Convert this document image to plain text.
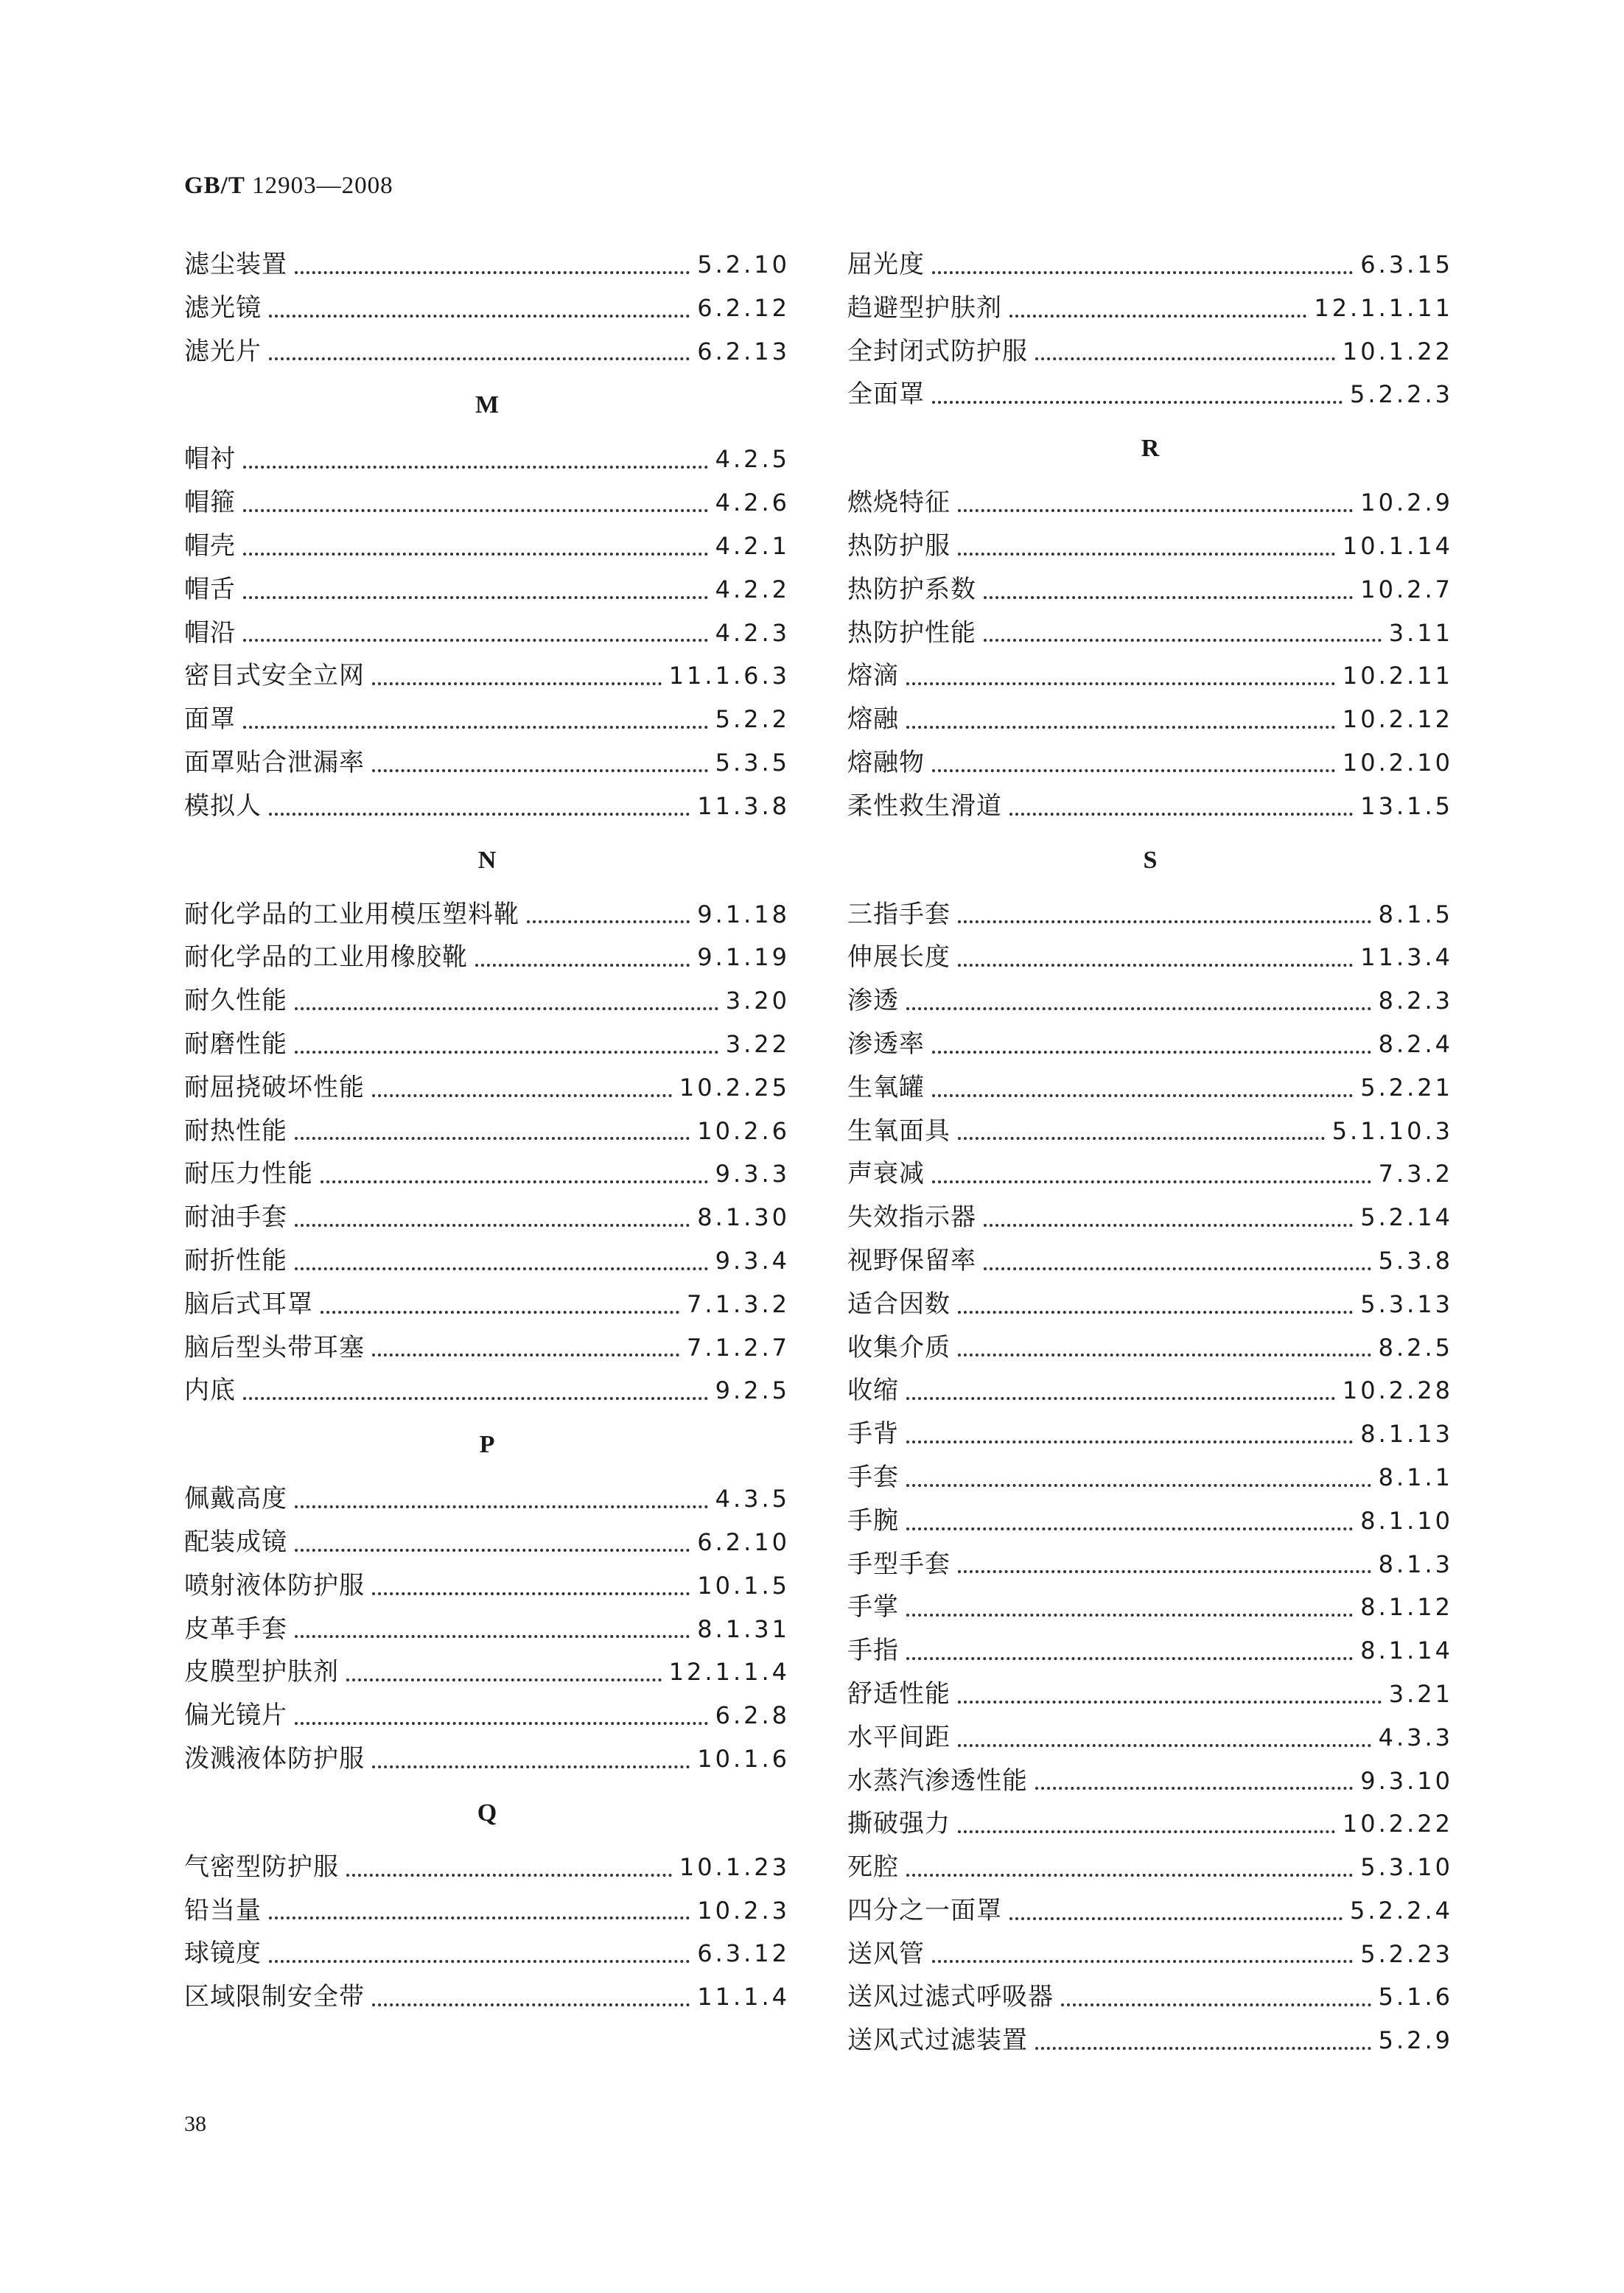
GB/T 12903—2008
滤尘装置	5.2.10
滤光镜	6.2.12
滤光片	6.2.13
M
帽衬	4.2.5
帽箍	4.2.6
帽壳	4.2.1
帽舌	4.2.2
帽沿	4.2.3
密目式安全立网	11.1.6.3
面罩	5.2.2
面罩贴合泄漏率	5.3.5
模拟人	11.3.8
N
耐化学品的工业用模压塑料靴	9.1.18
耐化学品的工业用橡胶靴	9.1.19
耐久性能	3.20
耐磨性能	3.22
耐屈挠破坏性能	10.2.25
耐热性能	10.2.6
耐压力性能	9.3.3
耐油手套	8.1.30
耐折性能	9.3.4
脑后式耳罩	7.1.3.2
脑后型头带耳塞	7.1.2.7
内底	9.2.5
P
佩戴高度	4.3.5
配装成镜	6.2.10
喷射液体防护服	10.1.5
皮革手套	8.1.31
皮膜型护肤剂	12.1.1.4
偏光镜片	6.2.8
泼溅液体防护服	10.1.6
Q
气密型防护服	10.1.23
铅当量	10.2.3
球镜度	6.3.12
区域限制安全带	11.1.4
屈光度	6.3.15
趋避型护肤剂	12.1.1.11
全封闭式防护服	10.1.22
全面罩	5.2.2.3
R
燃烧特征	10.2.9
热防护服	10.1.14
热防护系数	10.2.7
热防护性能	3.11
熔滴	10.2.11
熔融	10.2.12
熔融物	10.2.10
柔性救生滑道	13.1.5
S
三指手套	8.1.5
伸展长度	11.3.4
渗透	8.2.3
渗透率	8.2.4
生氧罐	5.2.21
生氧面具	5.1.10.3
声衰减	7.3.2
失效指示器	5.2.14
视野保留率	5.3.8
适合因数	5.3.13
收集介质	8.2.5
收缩	10.2.28
手背	8.1.13
手套	8.1.1
手腕	8.1.10
手型手套	8.1.3
手掌	8.1.12
手指	8.1.14
舒适性能	3.21
水平间距	4.3.3
水蒸汽渗透性能	9.3.10
撕破强力	10.2.22
死腔	5.3.10
四分之一面罩	5.2.2.4
送风管	5.2.23
送风过滤式呼吸器	5.1.6
送风式过滤装置	5.2.9
38
